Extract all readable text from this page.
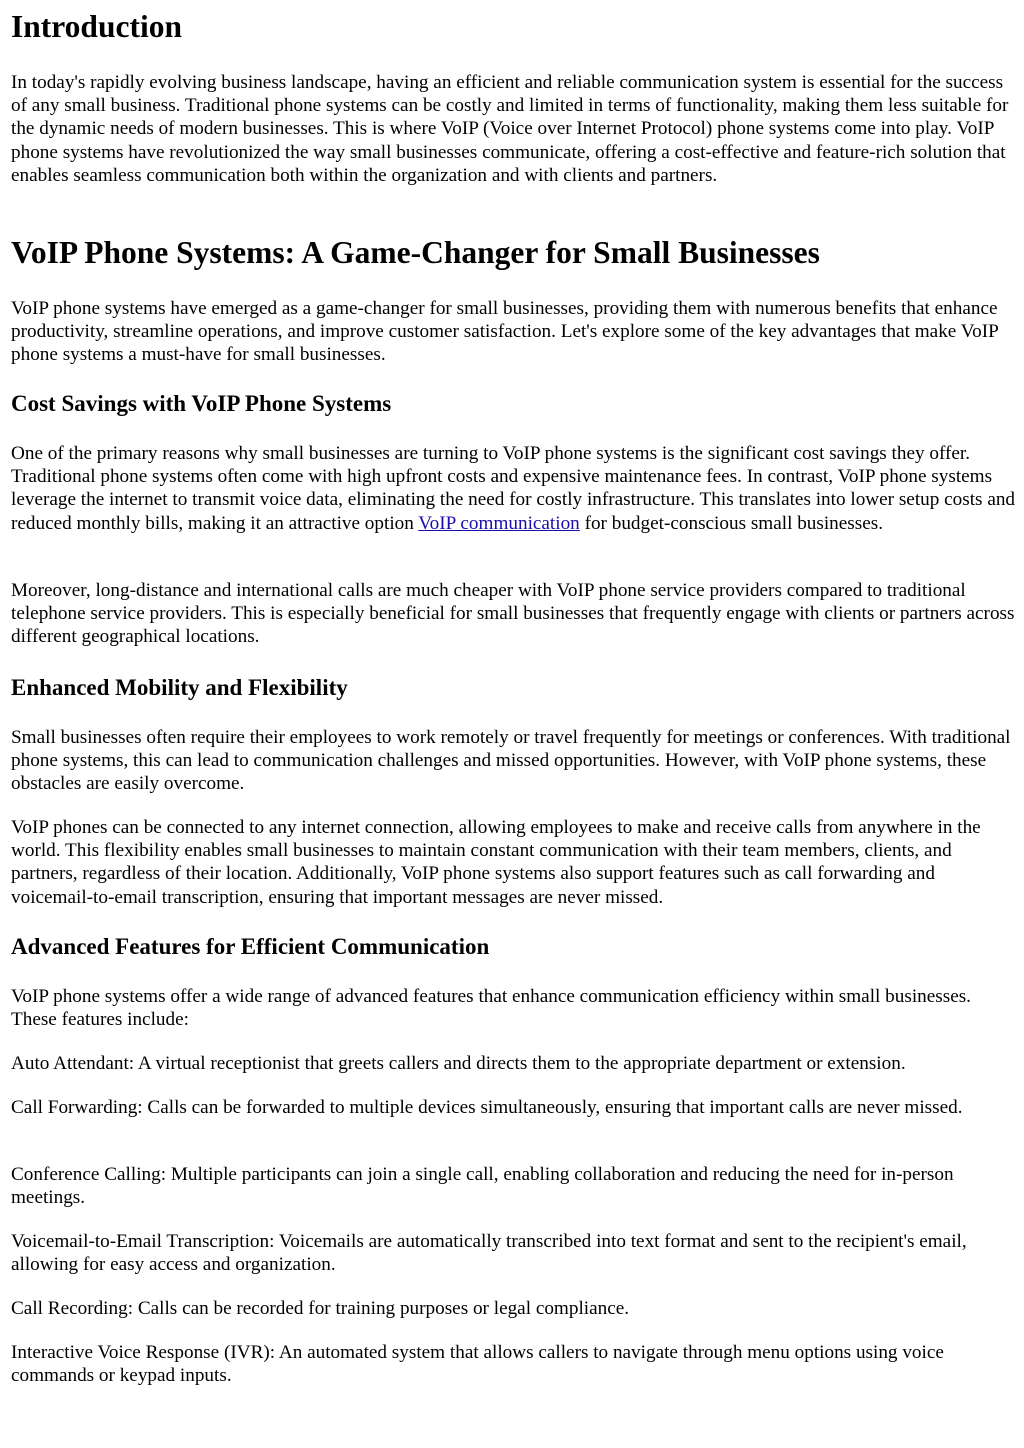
Introduction

In today's rapidly evolving business landscape, having an efficient and reliable communication system is essential for the success of any small business. Traditional phone systems can be costly and limited in terms of functionality, making them less suitable for the dynamic needs of modern businesses. This is where VoIP (Voice over Internet Protocol) phone systems come into play. VoIP phone systems have revolutionized the way small businesses communicate, offering a cost-effective and feature-rich solution that enables seamless communication both within the organization and with clients and partners.

VoIP Phone Systems: A Game-Changer for Small Businesses

VoIP phone systems have emerged as a game-changer for small businesses, providing them with numerous benefits that enhance productivity, streamline operations, and improve customer satisfaction. Let's explore some of the key advantages that make VoIP phone systems a must-have for small businesses.

Cost Savings with VoIP Phone Systems

One of the primary reasons why small businesses are turning to VoIP phone systems is the significant cost savings they offer. Traditional phone systems often come with high upfront costs and expensive maintenance fees. In contrast, VoIP phone systems leverage the internet to transmit voice data, eliminating the need for costly infrastructure. This translates into lower setup costs and reduced monthly bills, making it an attractive option VoIP communication for budget-conscious small businesses.

Moreover, long-distance and international calls are much cheaper with VoIP phone service providers compared to traditional telephone service providers. This is especially beneficial for small businesses that frequently engage with clients or partners across different geographical locations.

Enhanced Mobility and Flexibility

Small businesses often require their employees to work remotely or travel frequently for meetings or conferences. With traditional phone systems, this can lead to communication challenges and missed opportunities. However, with VoIP phone systems, these obstacles are easily overcome.

VoIP phones can be connected to any internet connection, allowing employees to make and receive calls from anywhere in the world. This flexibility enables small businesses to maintain constant communication with their team members, clients, and partners, regardless of their location. Additionally, VoIP phone systems also support features such as call forwarding and voicemail-to-email transcription, ensuring that important messages are never missed.

Advanced Features for Efficient Communication

VoIP phone systems offer a wide range of advanced features that enhance communication efficiency within small businesses. These features include:

Auto Attendant: A virtual receptionist that greets callers and directs them to the appropriate department or extension.

Call Forwarding: Calls can be forwarded to multiple devices simultaneously, ensuring that important calls are never missed.

Conference Calling: Multiple participants can join a single call, enabling collaboration and reducing the need for in-person meetings.

Voicemail-to-Email Transcription: Voicemails are automatically transcribed into text format and sent to the recipient's email, allowing for easy access and organization.

Call Recording: Calls can be recorded for training purposes or legal compliance.

Interactive Voice Response (IVR): An automated system that allows callers to navigate through menu options using voice commands or keypad inputs.
